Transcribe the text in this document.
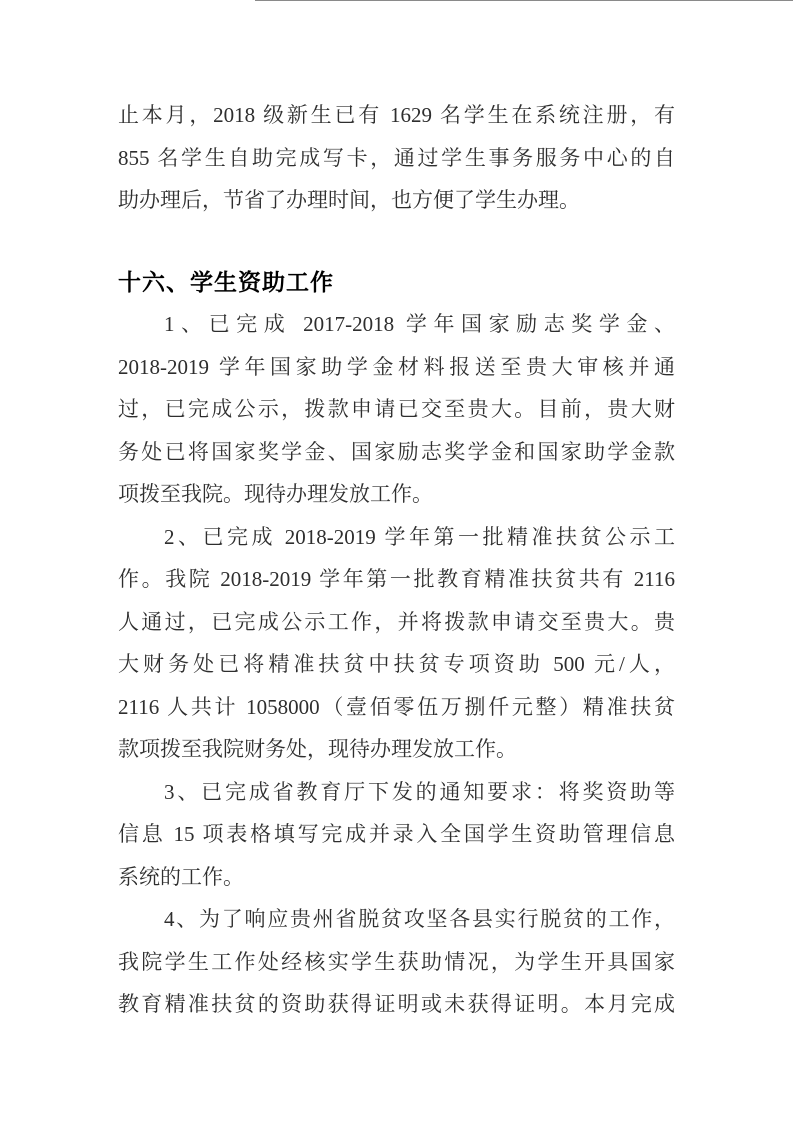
止本月，2018 级新生已有 1629 名学生在系统注册，有

855 名学生自助完成写卡，通过学生事务服务中心的自

助办理后，节省了办理时间，也方便了学生办理。

十六、学生资助工作

1、已完成 2017-2018 学年国家励志奖学金、

2018-2019 学年国家助学金材料报送至贵大审核并通

过，已完成公示，拨款申请已交至贵大。目前，贵大财

务处已将国家奖学金、国家励志奖学金和国家助学金款

项拨至我院。现待办理发放工作。

2、已完成 2018-2019 学年第一批精准扶贫公示工

作。我院 2018-2019 学年第一批教育精准扶贫共有 2116

人通过，已完成公示工作，并将拨款申请交至贵大。贵

大财务处已将精准扶贫中扶贫专项资助 500 元/人，

2116 人共计 1058000（壹佰零伍万捌仟元整）精准扶贫

款项拨至我院财务处，现待办理发放工作。

3、已完成省教育厅下发的通知要求：将奖资助等

信息 15 项表格填写完成并录入全国学生资助管理信息

系统的工作。

4、为了响应贵州省脱贫攻坚各县实行脱贫的工作，

我院学生工作处经核实学生获助情况，为学生开具国家

教育精准扶贫的资助获得证明或未获得证明。本月完成
